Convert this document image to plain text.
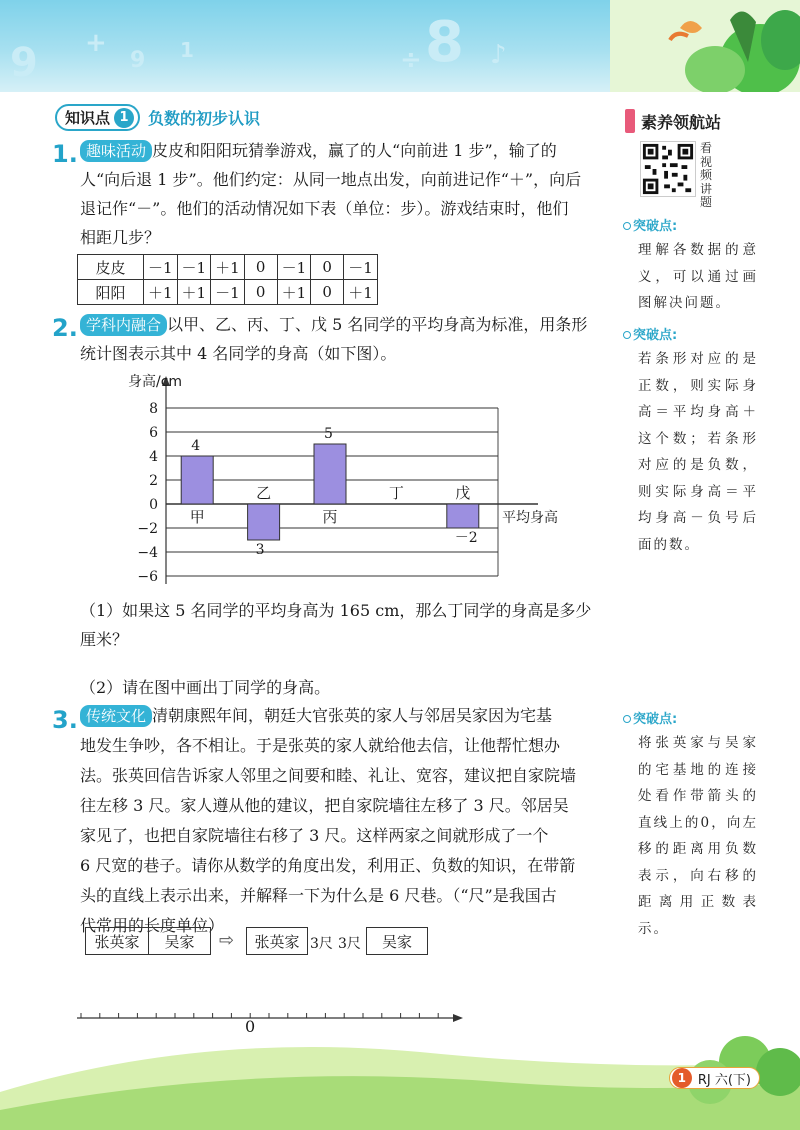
9 +	1
9	÷ 8 ♪
知识点 1	负数的初步认识	素养领航站
看视频讲题
突破点:
理解各数据的意义，可以通过画图解决问题。
突破点:
若条形对应的是正数，则实际身高＝平均身高＋这个数；若条形对应的是负数，则实际身高＝平均身高－负号后面的数。
突破点:
将张英家与吴家的宅基地的连接处看作带箭头的直线上的0，向左移的距离用负数表示，向右移的距离用正数表示。
1. 趣味活动 皮皮和阳阳玩猜拳游戏，赢了的人“向前进 1 步”，输了的
人“向后退 1 步”。他们约定：从同一地点出发，向前进记作“＋”，向后
退记作“－”。他们的活动情况如下表（单位：步）。游戏结束时，他们
相距几步？
皮皮	－1	－1	＋1	0	－1	0	－1
阳阳	＋1	＋1	－1	0	＋1	0	＋1
2. 学科内融合 以甲、乙、丙、丁、戊 5 名同学的平均身高为标准，用条形
统计图表示其中 4 名同学的身高（如下图）。
身高/cm
8
6
4
2
0
−2
−4
−6
平均身高
4
甲
3
乙
5
丙
丁
－2
戊
（1）如果这 5 名同学的平均身高为 165 cm，那么丁同学的身高是多少
厘米？
（2）请在图中画出丁同学的身高。
3. 传统文化 清朝康熙年间，朝廷大官张英的家人与邻居吴家因为宅基
地发生争吵，各不相让。于是张英的家人就给他去信，让他帮忙想办
法。张英回信告诉家人邻里之间要和睦、礼让、宽容，建议把自家院墙
往左移 3 尺。家人遵从他的建议，把自家院墙往左移了 3 尺。邻居吴
家见了，也把自家院墙往右移了 3 尺。这样两家之间就形成了一个
6 尺宽的巷子。请你从数学的角度出发，利用正、负数的知识，在带箭
头的直线上表示出来，并解释一下为什么是 6 尺巷。（“尺”是我国古
代常用的长度单位）
张英家	吴家	⇨	张英家 3尺 3尺	吴家
0
1 RJ 六(下)
